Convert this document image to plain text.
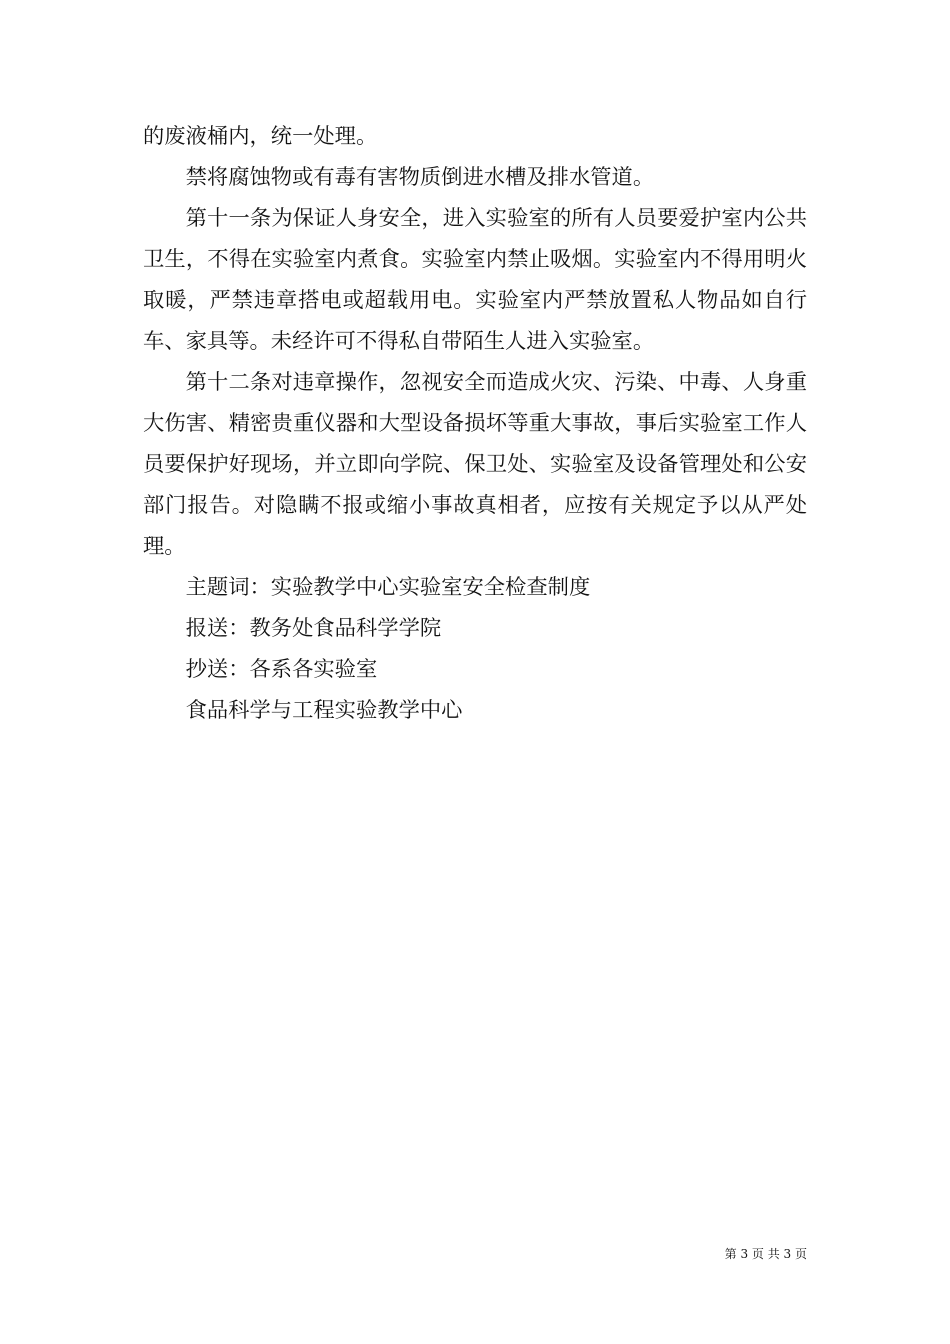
的废液桶内，统一处理。

禁将腐蚀物或有毒有害物质倒进水槽及排水管道。

第十一条为保证人身安全，进入实验室的所有人员要爱护室内公共卫生，不得在实验室内煮食。实验室内禁止吸烟。实验室内不得用明火取暖，严禁违章搭电或超载用电。实验室内严禁放置私人物品如自行车、家具等。未经许可不得私自带陌生人进入实验室。

第十二条对违章操作，忽视安全而造成火灾、污染、中毒、人身重大伤害、精密贵重仪器和大型设备损坏等重大事故，事后实验室工作人员要保护好现场，并立即向学院、保卫处、实验室及设备管理处和公安部门报告。对隐瞒不报或缩小事故真相者，应按有关规定予以从严处理。

主题词：实验教学中心实验室安全检查制度

报送：教务处食品科学学院

抄送：各系各实验室

食品科学与工程实验教学中心

第 3 页 共 3 页
